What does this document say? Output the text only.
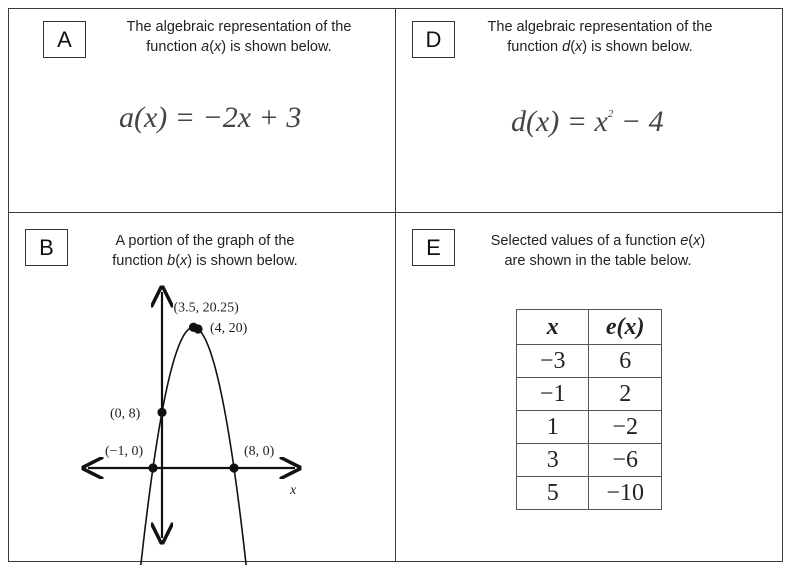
A	The algebraic representation of the
function a(x) is shown below.
a(x) = −2x + 3
D	The algebraic representation of the
function d(x) is shown below.
$d(x) = x^2 - 4$
B	A portion of the graph of the
function b(x) is shown below.
E	Selected values of a function e(x)
are shown in the table below.
x	e(x)
−3	6
−1	2
1	−2
3	−6
5	−10
x
(−1, 0)
(0, 8)
(3.5, 20.25)
(4, 20)
(8, 0)
